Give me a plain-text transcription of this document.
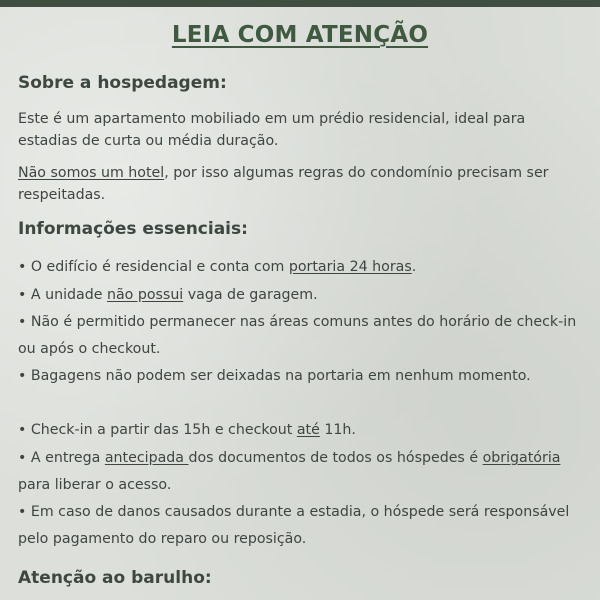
LEIA COM ATENÇÃO
Sobre a hospedagem:
Este é um apartamento mobiliado em um prédio residencial, ideal para estadias de curta ou média duração.
Não somos um hotel, por isso algumas regras do condomínio precisam ser respeitadas.
Informações essenciais:
• O edifício é residencial e conta com portaria 24 horas.
• A unidade não possui vaga de garagem.
• Não é permitido permanecer nas áreas comuns antes do horário de check-in ou após o checkout.
• Bagagens não podem ser deixadas na portaria em nenhum momento.
• Check-in a partir das 15h e checkout até 11h.
• A entrega antecipada dos documentos de todos os hóspedes é obrigatória para liberar o acesso.
• Em caso de danos causados durante a estadia, o hóspede será responsável pelo pagamento do reparo ou reposição.
Atenção ao barulho:
